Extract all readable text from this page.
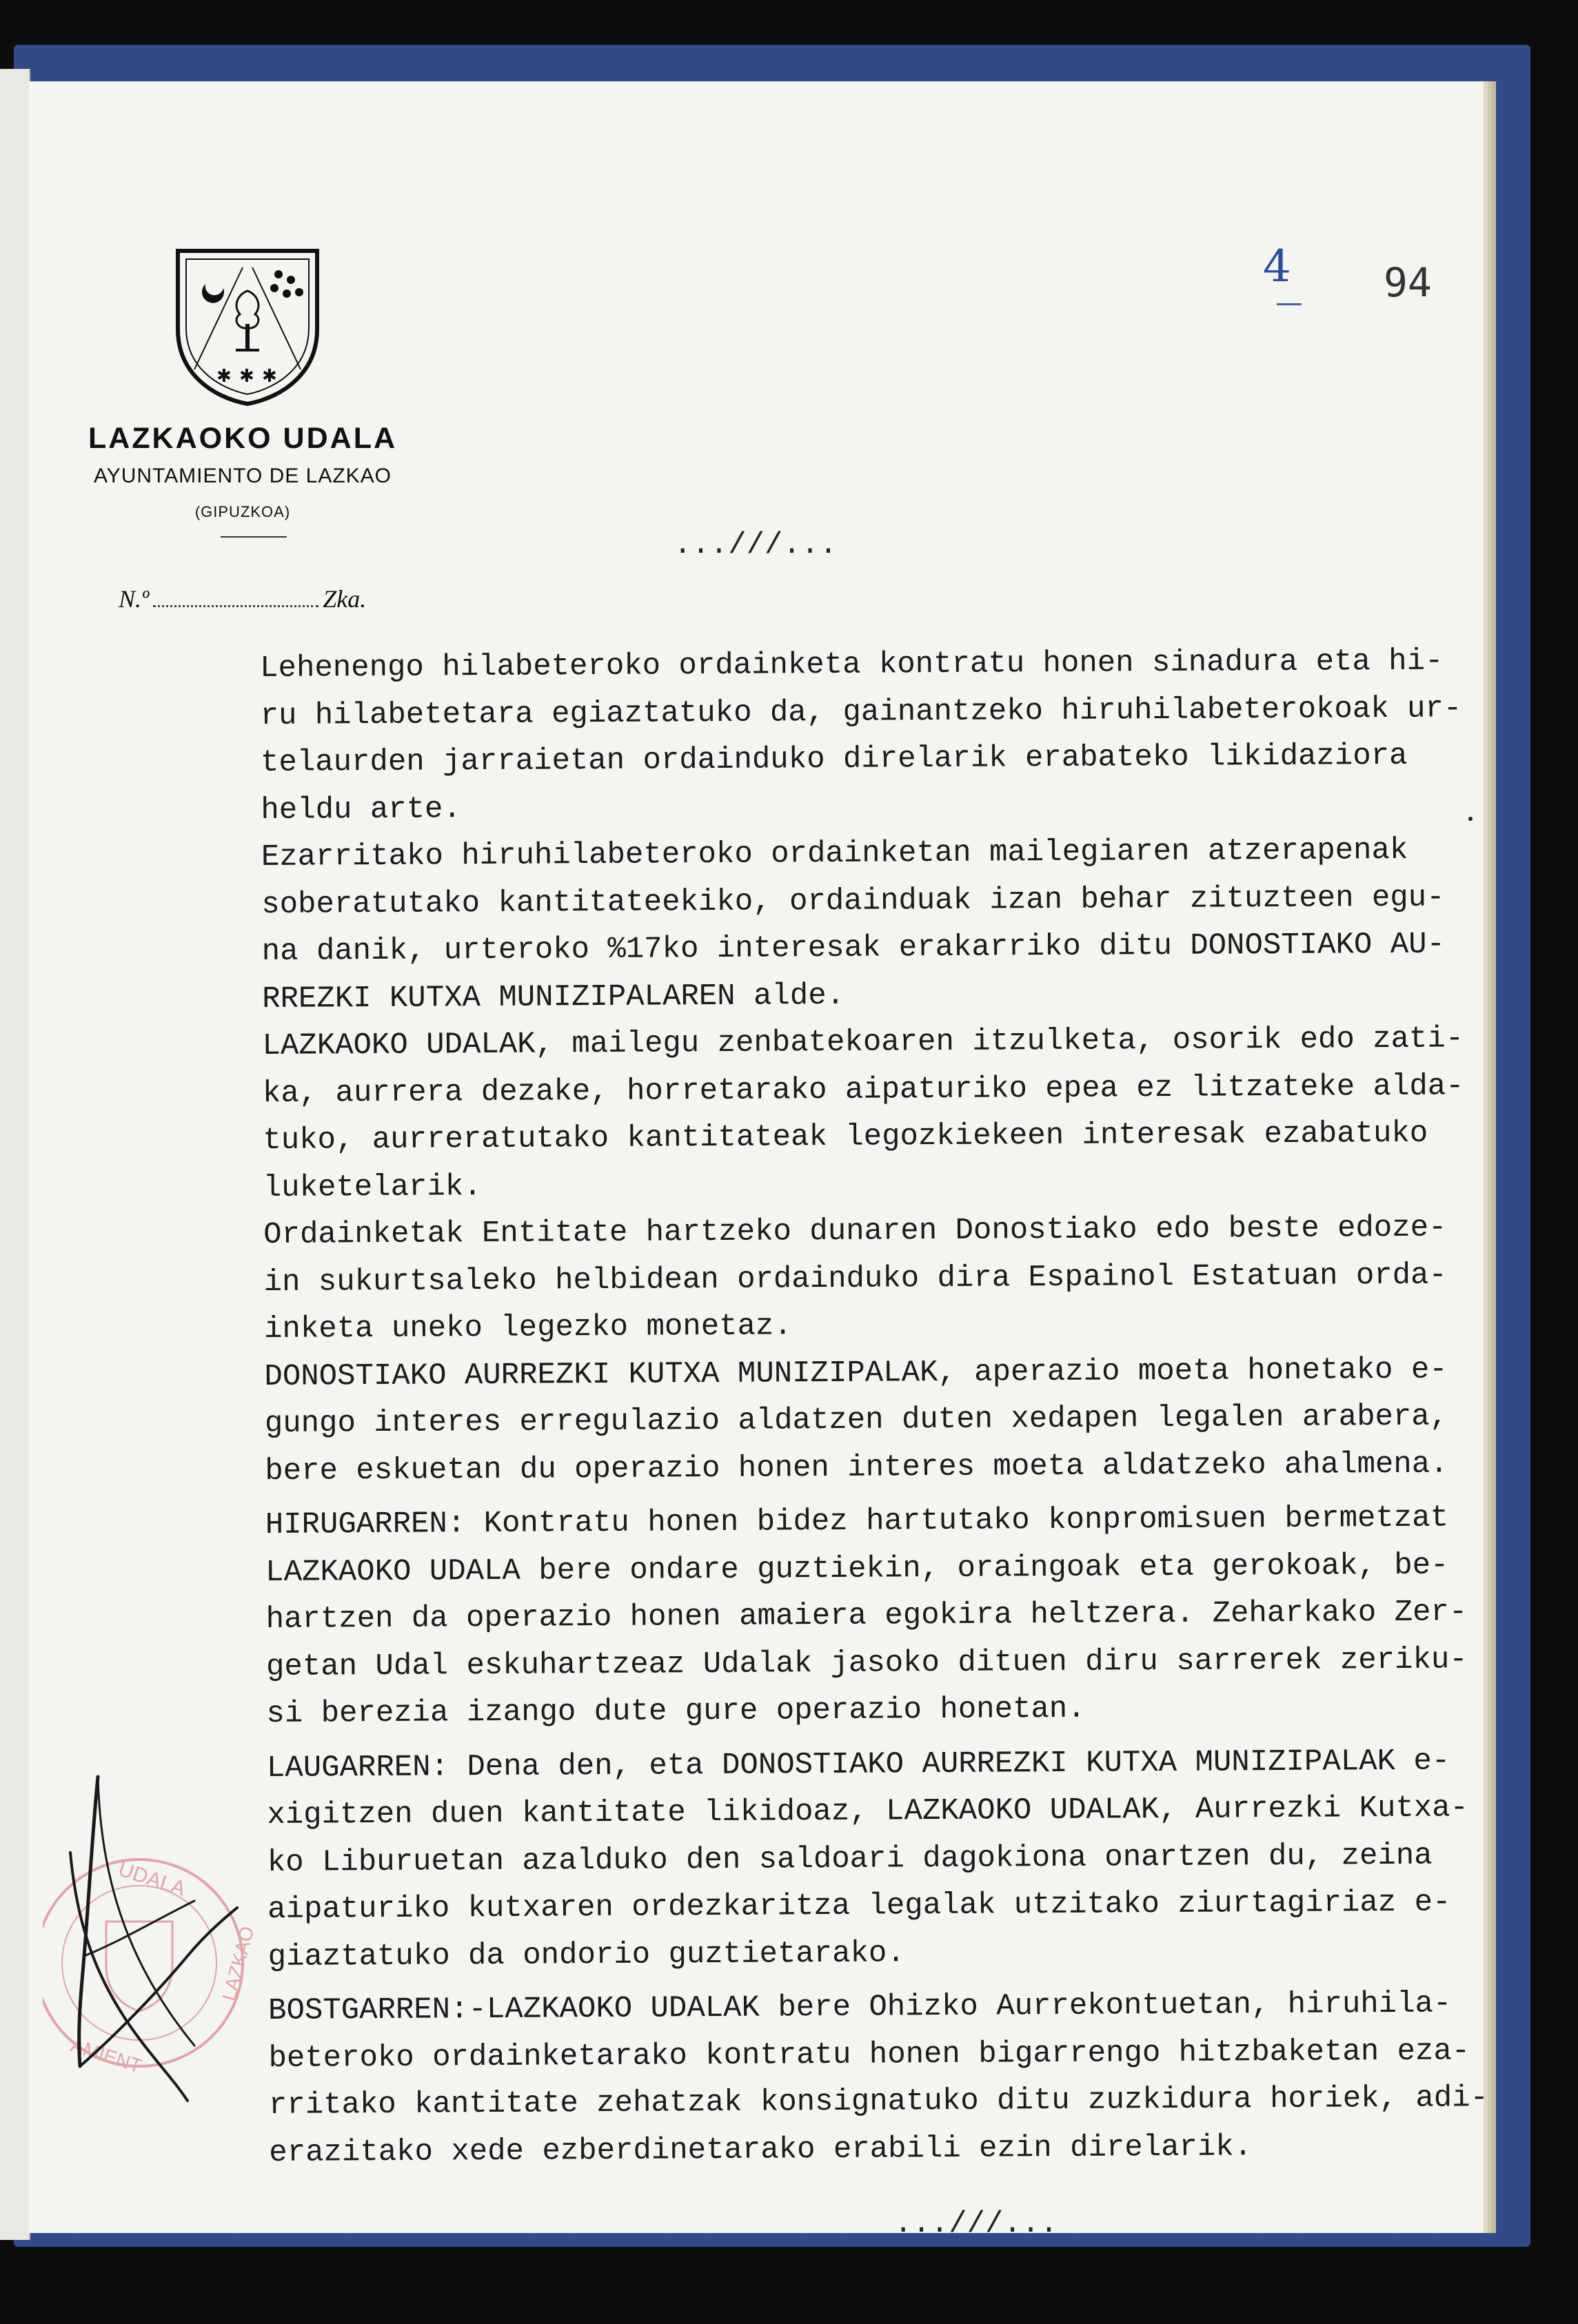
✱ ✱ ✱
LAZKAOKO UDALA
AYUNTAMIENTO DE LAZKAO
(GIPUZKOA)
N.º	Zka.
4 94
...///...
Lehenengo hilabeteroko ordainketa kontratu honen sinadura eta hi-
ru hilabetetara egiaztatuko da, gainantzeko hiruhilabeterokoak ur-
telaurden jarraietan ordainduko direlarik erabateko likidaziora
heldu arte.
Ezarritako hiruhilabeteroko ordainketan mailegiaren atzerapenak
soberatutako kantitateekiko, ordainduak izan behar zituzteen egu-
na danik, urteroko %17ko interesak erakarriko ditu DONOSTIAKO AU-
RREZKI KUTXA MUNIZIPALAREN alde.
LAZKAOKO UDALAK, mailegu zenbatekoaren itzulketa, osorik edo zati-
ka, aurrera dezake, horretarako aipaturiko epea ez litzateke alda-
tuko, aurreratutako kantitateak legozkiekeen interesak ezabatuko
luketelarik.
Ordainketak Entitate hartzeko dunaren Donostiako edo beste edoze-
in sukurtsaleko helbidean ordainduko dira Espainol Estatuan orda-
inketa uneko legezko monetaz.
DONOSTIAKO AURREZKI KUTXA MUNIZIPALAK, aperazio moeta honetako e-
gungo interes erregulazio aldatzen duten xedapen legalen arabera,
bere eskuetan du operazio honen interes moeta aldatzeko ahalmena.
HIRUGARREN: Kontratu honen bidez hartutako konpromisuen bermetzat
LAZKAOKO UDALA bere ondare guztiekin, oraingoak eta gerokoak, be-
hartzen da operazio honen amaiera egokira heltzera. Zeharkako Zer-
getan Udal eskuhartzeaz Udalak jasoko dituen diru sarrerek zeriku-
si berezia izango dute gure operazio honetan.
LAUGARREN: Dena den, eta DONOSTIAKO AURREZKI KUTXA MUNIZIPALAK e-
xigitzen duen kantitate likidoaz, LAZKAOKO UDALAK, Aurrezki Kutxa-
ko Liburuetan azalduko den saldoari dagokiona onartzen du, zeina
aipaturiko kutxaren ordezkaritza legalak utzitako ziurtagiriaz e-
giaztatuko da ondorio guztietarako.
BOSTGARREN:-LAZKAOKO UDALAK bere Ohizko Aurrekontuetan, hiruhila-
beteroko ordainketarako kontratu honen bigarrengo hitzbaketan eza-
rritako kantitate zehatzak konsignatuko ditu zuzkidura horiek, adi-
erazitako xede ezberdinetarako erabili ezin direlarik.
UDALA
LAZKAO
AMIENT
...///...
